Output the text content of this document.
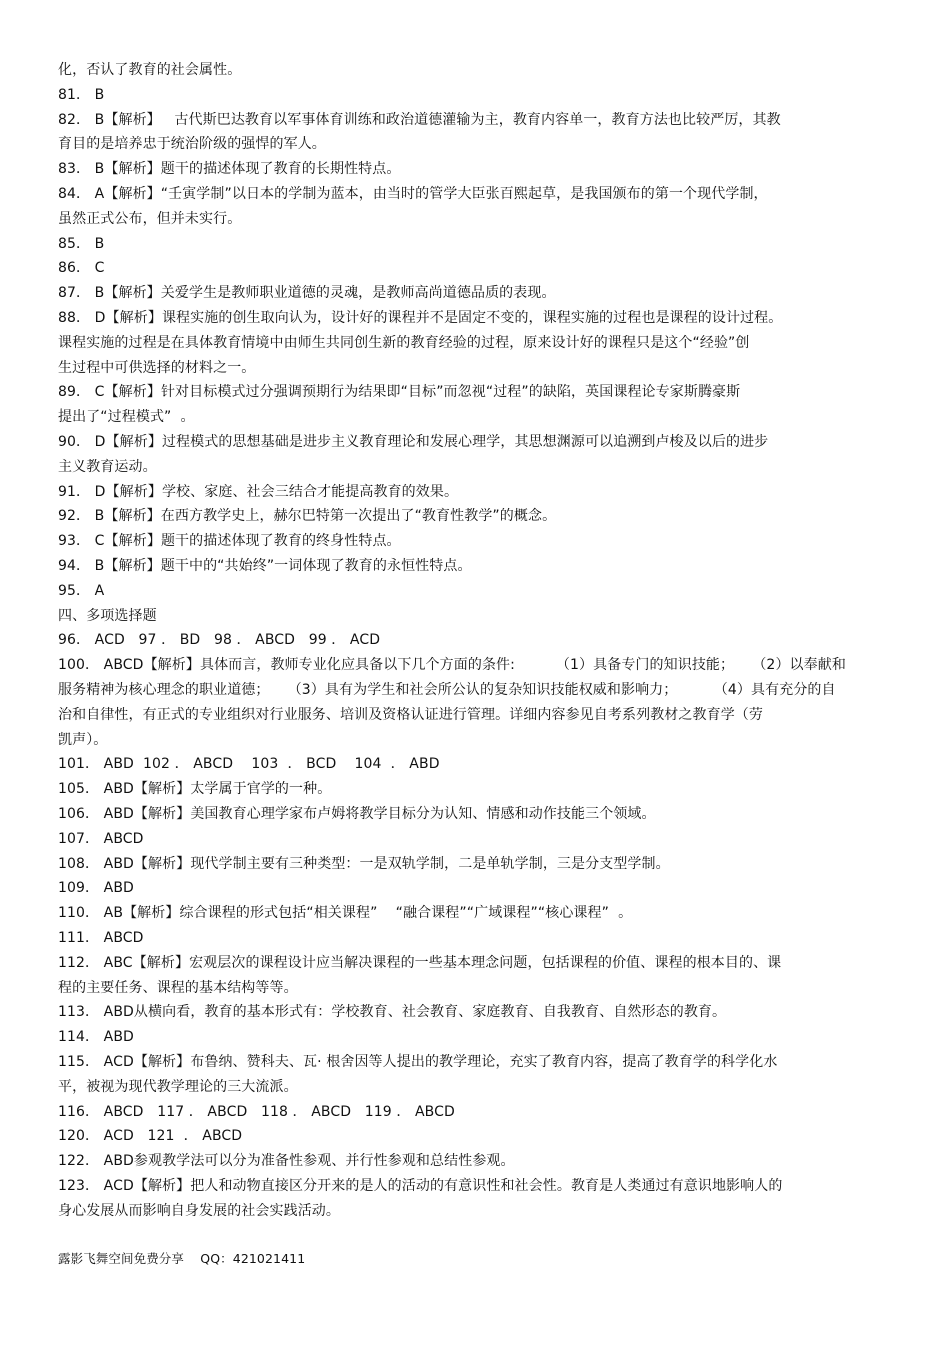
化，否认了教育的社会属性。
81． B
82． B【解析】   古代斯巴达教育以军事体育训练和政治道德灌输为主，教育内容单一，教育方法也比较严厉，其教
育目的是培养忠于统治阶级的强悍的军人。
83． B【解析】题干的描述体现了教育的长期性特点。
84． A【解析】“壬寅学制”以日本的学制为蓝本，由当时的管学大臣张百熙起草，是我国颁布的第一个现代学制，
虽然正式公布，但并未实行。
85． B
86． C
87． B【解析】关爱学生是教师职业道德的灵魂，是教师高尚道德品质的表现。
88． D【解析】课程实施的创生取向认为，设计好的课程并不是固定不变的，课程实施的过程也是课程的设计过程。
课程实施的过程是在具体教育情境中由师生共同创生新的教育经验的过程，原来设计好的课程只是这个“经验”创
生过程中可供选择的材料之一。
89． C【解析】针对目标模式过分强调预期行为结果即“目标”而忽视“过程”的缺陷，英国课程论专家斯腾豪斯
提出了“过程模式”  。
90． D【解析】过程模式的思想基础是进步主义教育理论和发展心理学，其思想渊源可以追溯到卢梭及以后的进步
主义教育运动。
91． D【解析】学校、家庭、社会三结合才能提高教育的效果。
92． B【解析】在西方教学史上，赫尔巴特第一次提出了“教育性教学”的概念。
93． C【解析】题干的描述体现了教育的终身性特点。
94． B【解析】题干中的“共始终”一词体现了教育的永恒性特点。
95． A
四、多项选择题
96． ACD   97 ． BD   98 ． ABCD   99 ． ACD
100． ABCD【解析】具体而言，教师专业化应具备以下几个方面的条件:         （1）具备专门的知识技能；    （2）以奉献和
服务精神为核心理念的职业道德；    （3）具有为学生和社会所公认的复杂知识技能权威和影响力；        （4）具有充分的自
治和自律性，有正式的专业组织对行业服务、培训及资格认证进行管理。详细内容参见自考系列教材之教育学（劳
凯声）。
101． ABD  102 ． ABCD    103  ． BCD    104  ． ABD
105． ABD【解析】太学属于官学的一种。
106． ABD【解析】美国教育心理学家布卢姆将教学目标分为认知、情感和动作技能三个领域。
107． ABCD
108． ABD【解析】现代学制主要有三种类型：一是双轨学制，二是单轨学制，三是分支型学制。
109． ABD
110． AB【解析】综合课程的形式包括“相关课程”    “融合课程”“广域课程”“核心课程”  。
111． ABCD
112． ABC【解析】宏观层次的课程设计应当解决课程的一些基本理念问题，包括课程的价值、课程的根本目的、课
程的主要任务、课程的基本结构等等。
113． ABD从横向看，教育的基本形式有：学校教育、社会教育、家庭教育、自我教育、自然形态的教育。
114． ABD
115． ACD【解析】布鲁纳、赞科夫、瓦· 根舍因等人提出的教学理论，充实了教育内容，提高了教育学的科学化水
平，被视为现代教学理论的三大流派。
116． ABCD   117 ． ABCD   118 ． ABCD   119 ． ABCD
120． ACD   121  ． ABCD
122． ABD参观教学法可以分为准备性参观、并行性参观和总结性参观。
123． ACD【解析】把人和动物直接区分开来的是人的活动的有意识性和社会性。教育是人类通过有意识地影响人的
身心发展从而影响自身发展的社会实践活动。
露影飞舞空间免费分享    QQ：421021411
